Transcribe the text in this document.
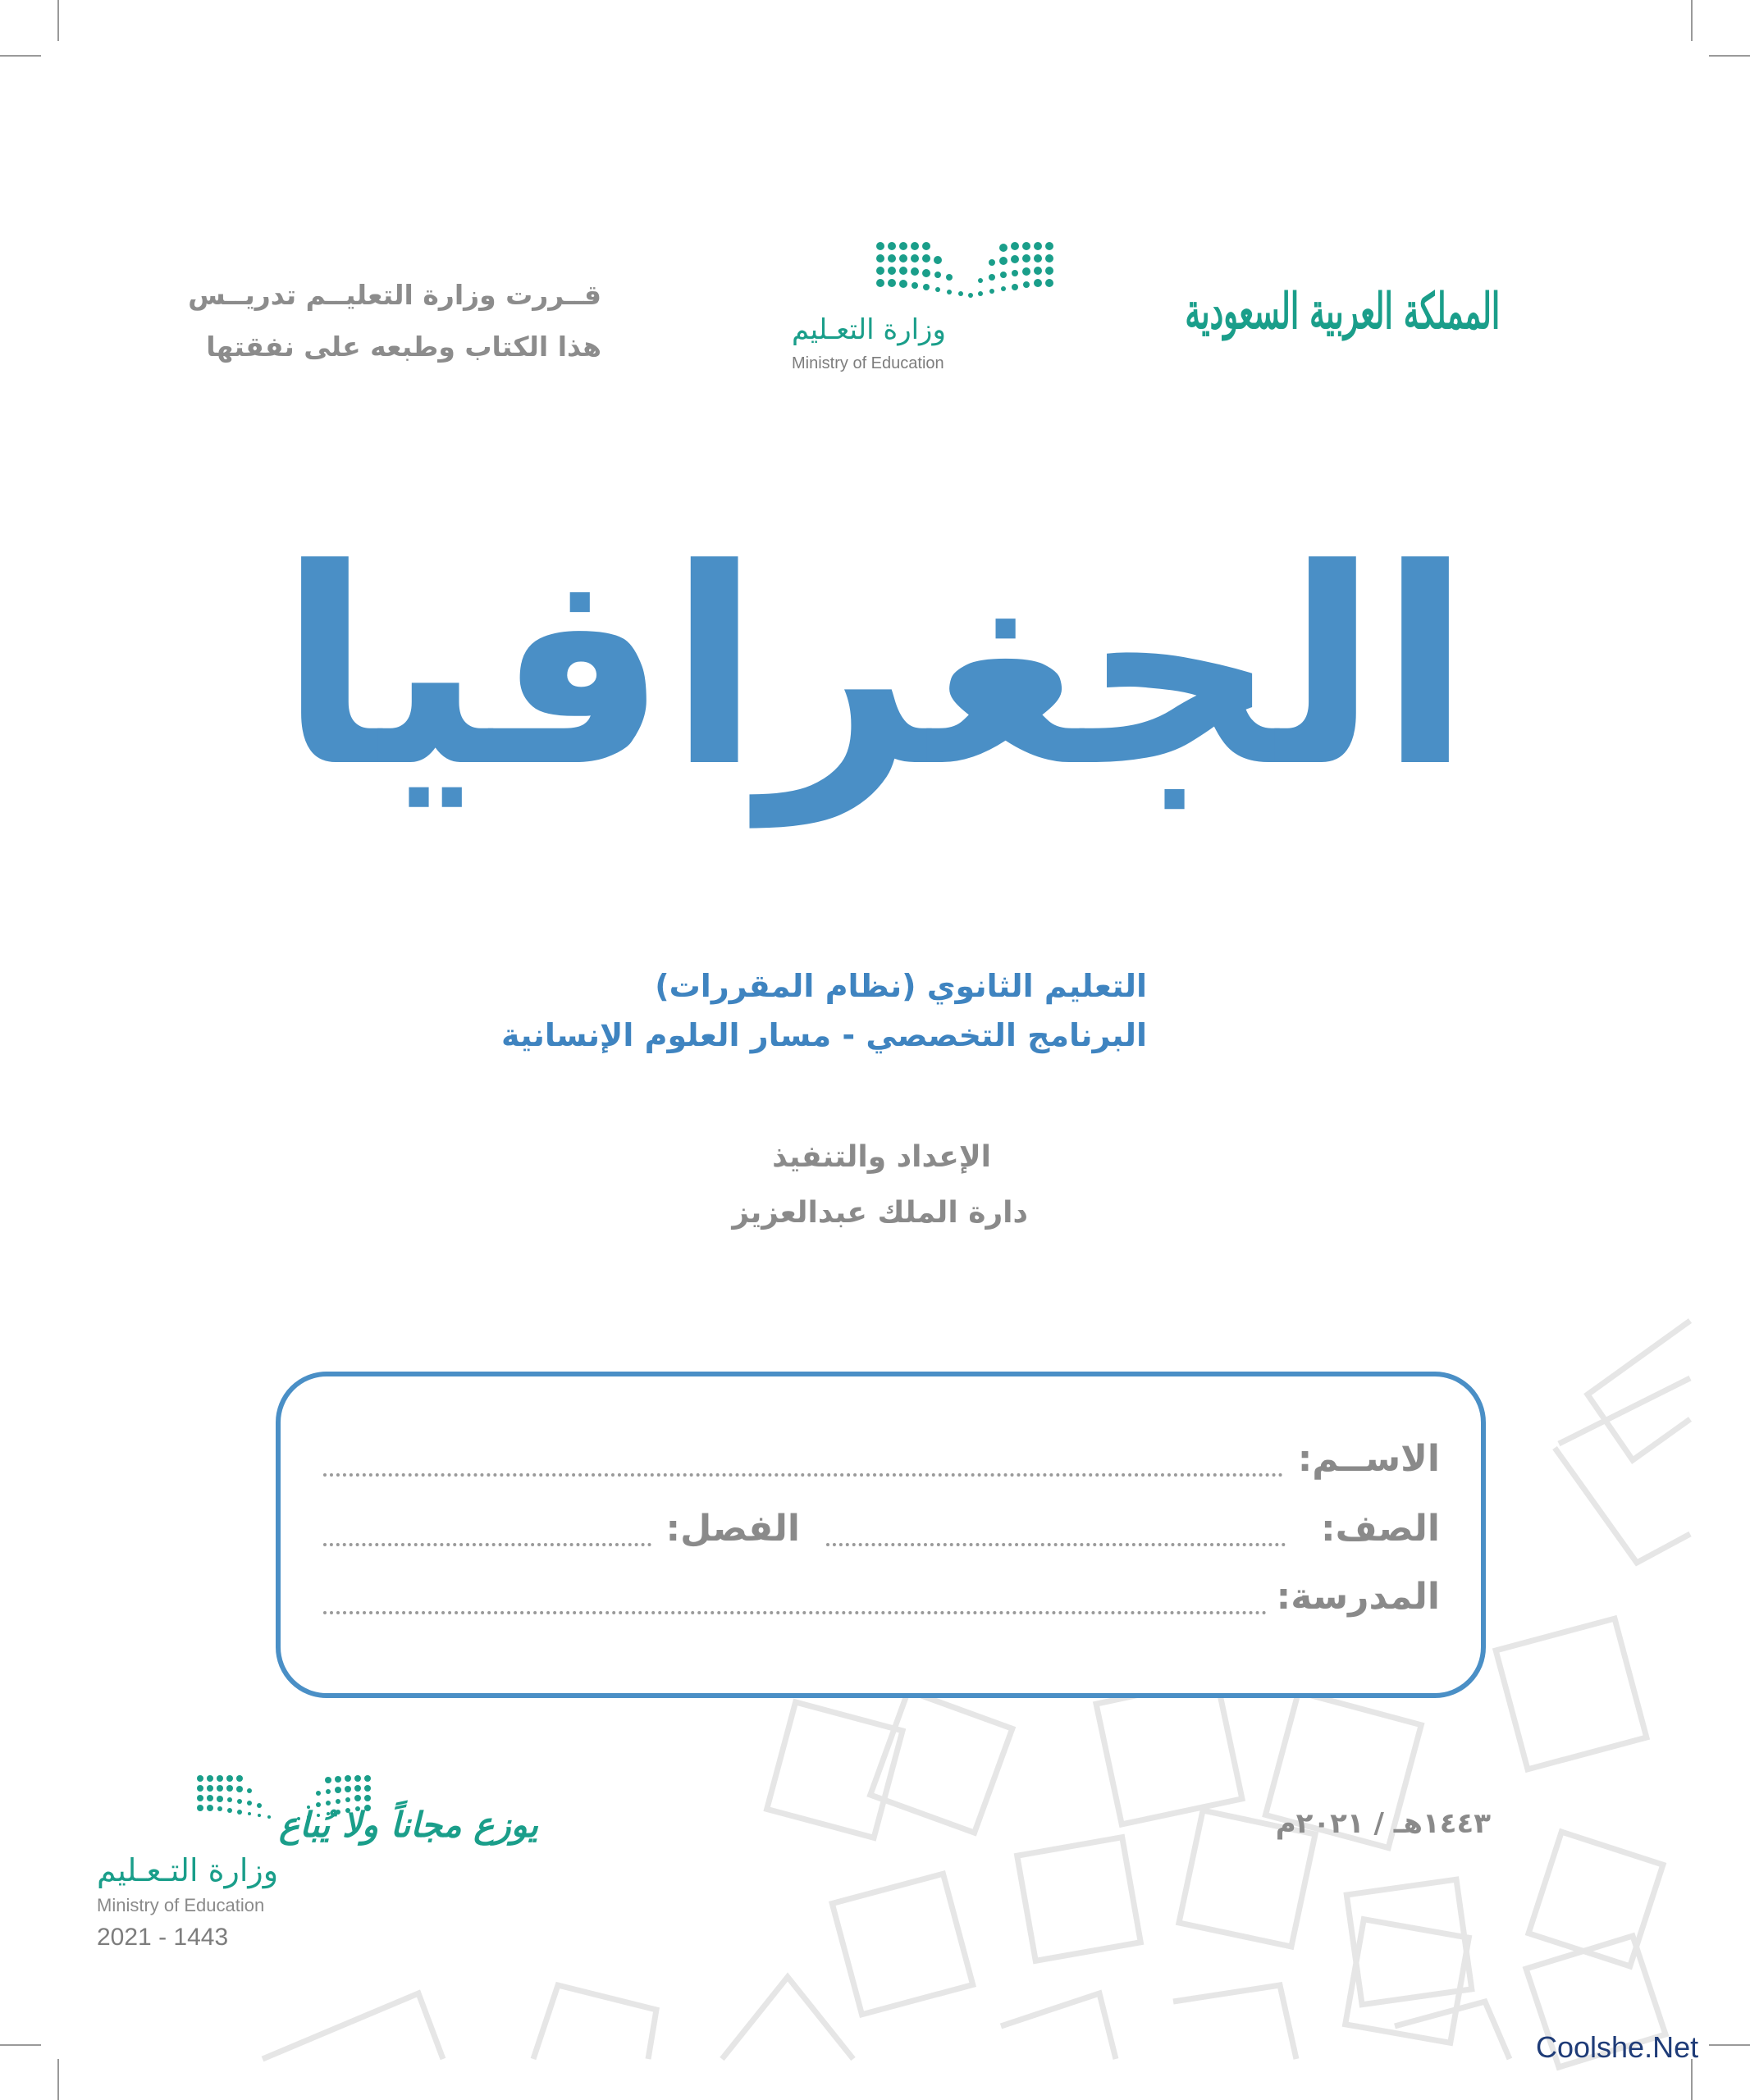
قــررت وزارة التعليــم تدريــس
هذا الكتاب وطبعه على نفقتها
وزارة التعـليم
Ministry of Education
المملكة العربية السعودية
الجغرافيا
التعليم الثانوي (نظام المقررات)
البرنامج التخصصي - مسار العلوم الإنسانية
الإعداد والتنفيذ
دارة الملك عبدالعزيز
الاســم:
الصف:
الفصل:
المدرسة:
يوزع مجاناً ولا يُباع	١٤٤٣هـ / ٢٠٢١م
وزارة التـعـليم
Ministry of Education
2021 - 1443
Coolshe.Net
